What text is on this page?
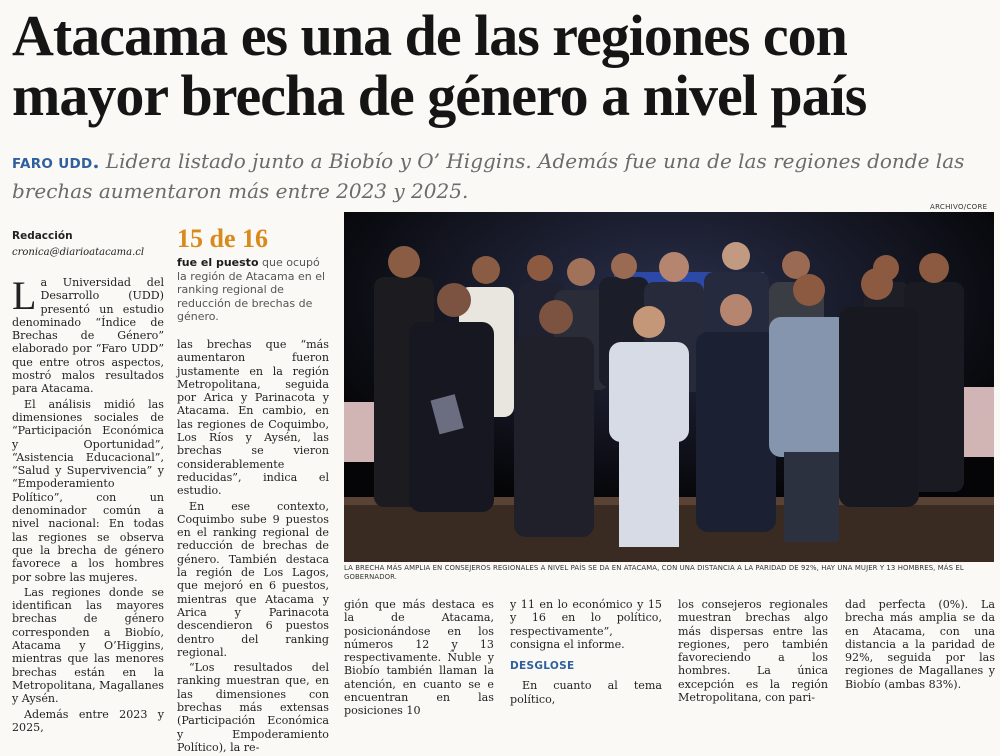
Atacama es una de las regiones con mayor brecha de género a nivel país

FARO UDD. Lidera listado junto a Biobío y O’ Higgins. Además fue una de las regiones donde las brechas aumentaron más entre 2023 y 2025.

Redacción
cronica@diarioatacama.cl

La Universidad del Desarrollo (UDD) presentó un estudio denominado “Índice de Brechas de Género” elaborado por “Faro UDD” que entre otros aspectos, mostró malos resultados para Atacama.

El análisis midió las dimensiones sociales de “Participación Económica y Oportunidad”, “Asistencia Educacional”, “Salud y Supervivencia” y “Empoderamiento Político”, con un denominador común a nivel nacional: En todas las regiones se observa que la brecha de género favorece a los hombres por sobre las mujeres.

Las regiones donde se identifican las mayores brechas de género corresponden a Biobío, Atacama y O’Higgins, mientras que las menores brechas están en la Metropolitana, Magallanes y Aysén.

Además entre 2023 y 2025,

15 de 16
fue el puesto que ocupó la región de Atacama en el ranking regional de reducción de brechas de género.

las brechas que “más aumentaron fueron justamente en la región Metropolitana, seguida por Arica y Parinacota y Atacama. En cambio, en las regiones de Coquimbo, Los Ríos y Aysén, las brechas se vieron considerablemente reducidas”, indica el estudio.

En ese contexto, Coquimbo sube 9 puestos en el ranking regional de reducción de brechas de género. También destaca la región de Los Lagos, que mejoró en 6 puestos, mientras que Atacama y Arica y Parinacota descendieron 6 puestos dentro del ranking regional.

“Los resultados del ranking muestran que, en las dimensiones con brechas más extensas (Participación Económica y Empoderamiento Político), la re-

ARCHIVO/CORE
LA BRECHA MÁS AMPLIA EN CONSEJEROS REGIONALES A NIVEL PAÍS SE DA EN ATACAMA, CON UNA DISTANCIA A LA PARIDAD DE 92%, HAY UNA MUJER Y 13 HOMBRES, MÁS EL GOBERNADOR.

gión que más destaca es la de Atacama, posicionándose en los números 12 y 13 respectivamente. Ñuble y Biobío también llaman la atención, en cuanto se e encuentran en las posiciones 10

y 11 en lo económico y 15 y 16 en lo político, respectivamente”, consigna el informe.

DESGLOSE

En cuanto al tema político,

los consejeros regionales muestran brechas algo más dispersas entre las regiones, pero también favoreciendo a los hombres. La única excepción es la región Metropolitana, con pari-

dad perfecta (0%). La brecha más amplia se da en Atacama, con una distancia a la paridad de 92%, seguida por las regiones de Magallanes y Biobío (ambas 83%).
